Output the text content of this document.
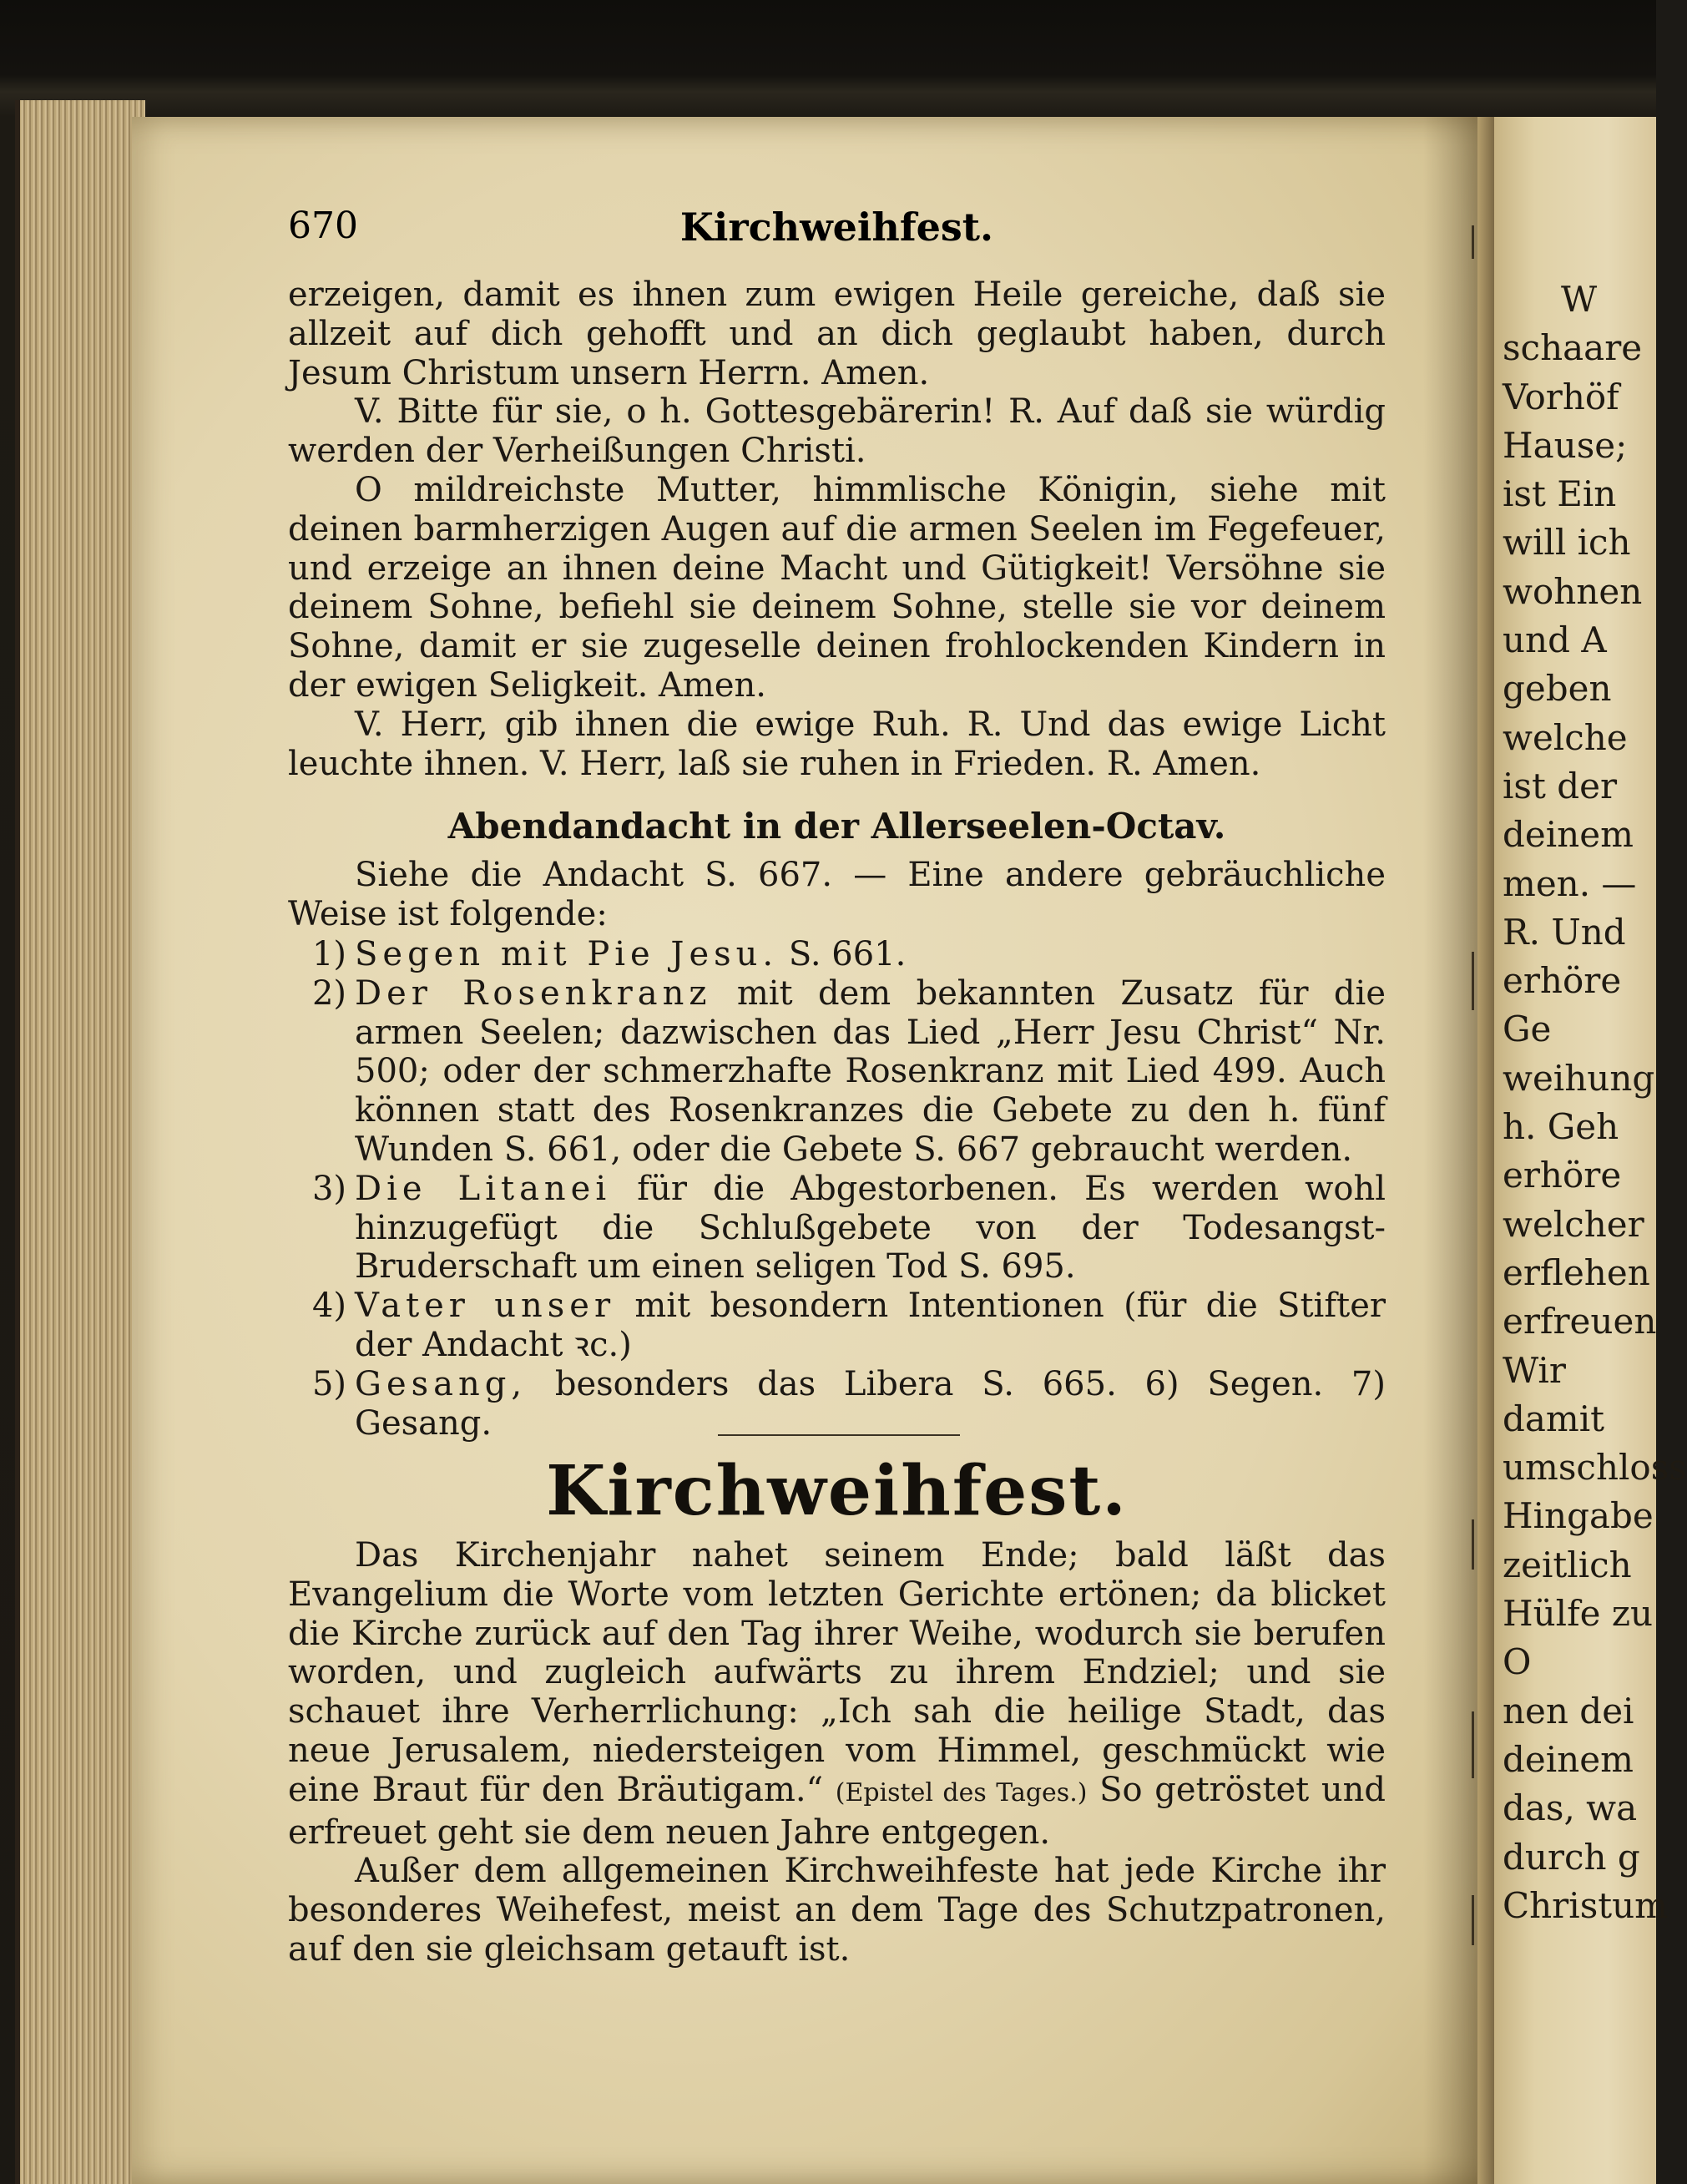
W
schaare
Vorhöf
Hause;
ist Ein
will ich
wohnen
und A
geben
welche
ist der
deinem
men. —
R. Und
erhöre
Ge
weihung
h. Geh
erhöre
welcher
erflehen
erfreuen
Wir
damit
umschloss
Hingabe
zeitlich
Hülfe zu
O
nen dei
deinem
das, wa
durch g
Christum
670	Kirchweihfest.

erzeigen, damit es ihnen zum ewigen Heile gereiche, daß sie allzeit auf dich gehofft und an dich geglaubt haben, durch Jesum Christum unsern Herrn. Amen.

V. Bitte für sie, o h. Gottesgebärerin! R. Auf daß sie würdig werden der Verheißungen Christi.

O mildreichste Mutter, himmlische Königin, siehe mit deinen barmherzigen Augen auf die armen Seelen im Fegefeuer, und erzeige an ihnen deine Macht und Gütigkeit! Versöhne sie deinem Sohne, befiehl sie deinem Sohne, stelle sie vor deinem Sohne, damit er sie zugeselle deinen frohlockenden Kindern in der ewigen Seligkeit. Amen.

V. Herr, gib ihnen die ewige Ruh. R. Und das ewige Licht leuchte ihnen. V. Herr, laß sie ruhen in Frieden. R. Amen.

Abendandacht in der Allerseelen-Octav.

Siehe die Andacht S. 667. — Eine andere gebräuchliche Weise ist folgende:

1) Segen mit Pie Jesu. S. 661.
2) Der Rosenkranz mit dem bekannten Zusatz für die armen Seelen; dazwischen das Lied „Herr Jesu Christ“ Nr. 500; oder der schmerzhafte Rosenkranz mit Lied 499. Auch können statt des Rosenkranzes die Gebete zu den h. fünf Wunden S. 661, oder die Gebete S. 667 gebraucht werden.
3) Die Litanei für die Abgestorbenen. Es werden wohl hinzugefügt die Schlußgebete von der Todesangst-Bruderschaft um einen seligen Tod S. 695.
4) Vater unser mit besondern Intentionen (für die Stifter der Andacht ꝛc.)
5) Gesang, besonders das Libera S. 665. 6) Segen. 7) Gesang.
Kirchweihfest.

Das Kirchenjahr nahet seinem Ende; bald läßt das Evangelium die Worte vom letzten Gerichte ertönen; da blicket die Kirche zurück auf den Tag ihrer Weihe, wodurch sie berufen worden, und zugleich aufwärts zu ihrem Endziel; und sie schauet ihre Verherrlichung: „Ich sah die heilige Stadt, das neue Jerusalem, niedersteigen vom Himmel, geschmückt wie eine Braut für den Bräutigam.“ (Epistel des Tages.) So getröstet und erfreuet geht sie dem neuen Jahre entgegen.

Außer dem allgemeinen Kirchweihfeste hat jede Kirche ihr besonderes Weihefest, meist an dem Tage des Schutzpatronen, auf den sie gleichsam getauft ist.
